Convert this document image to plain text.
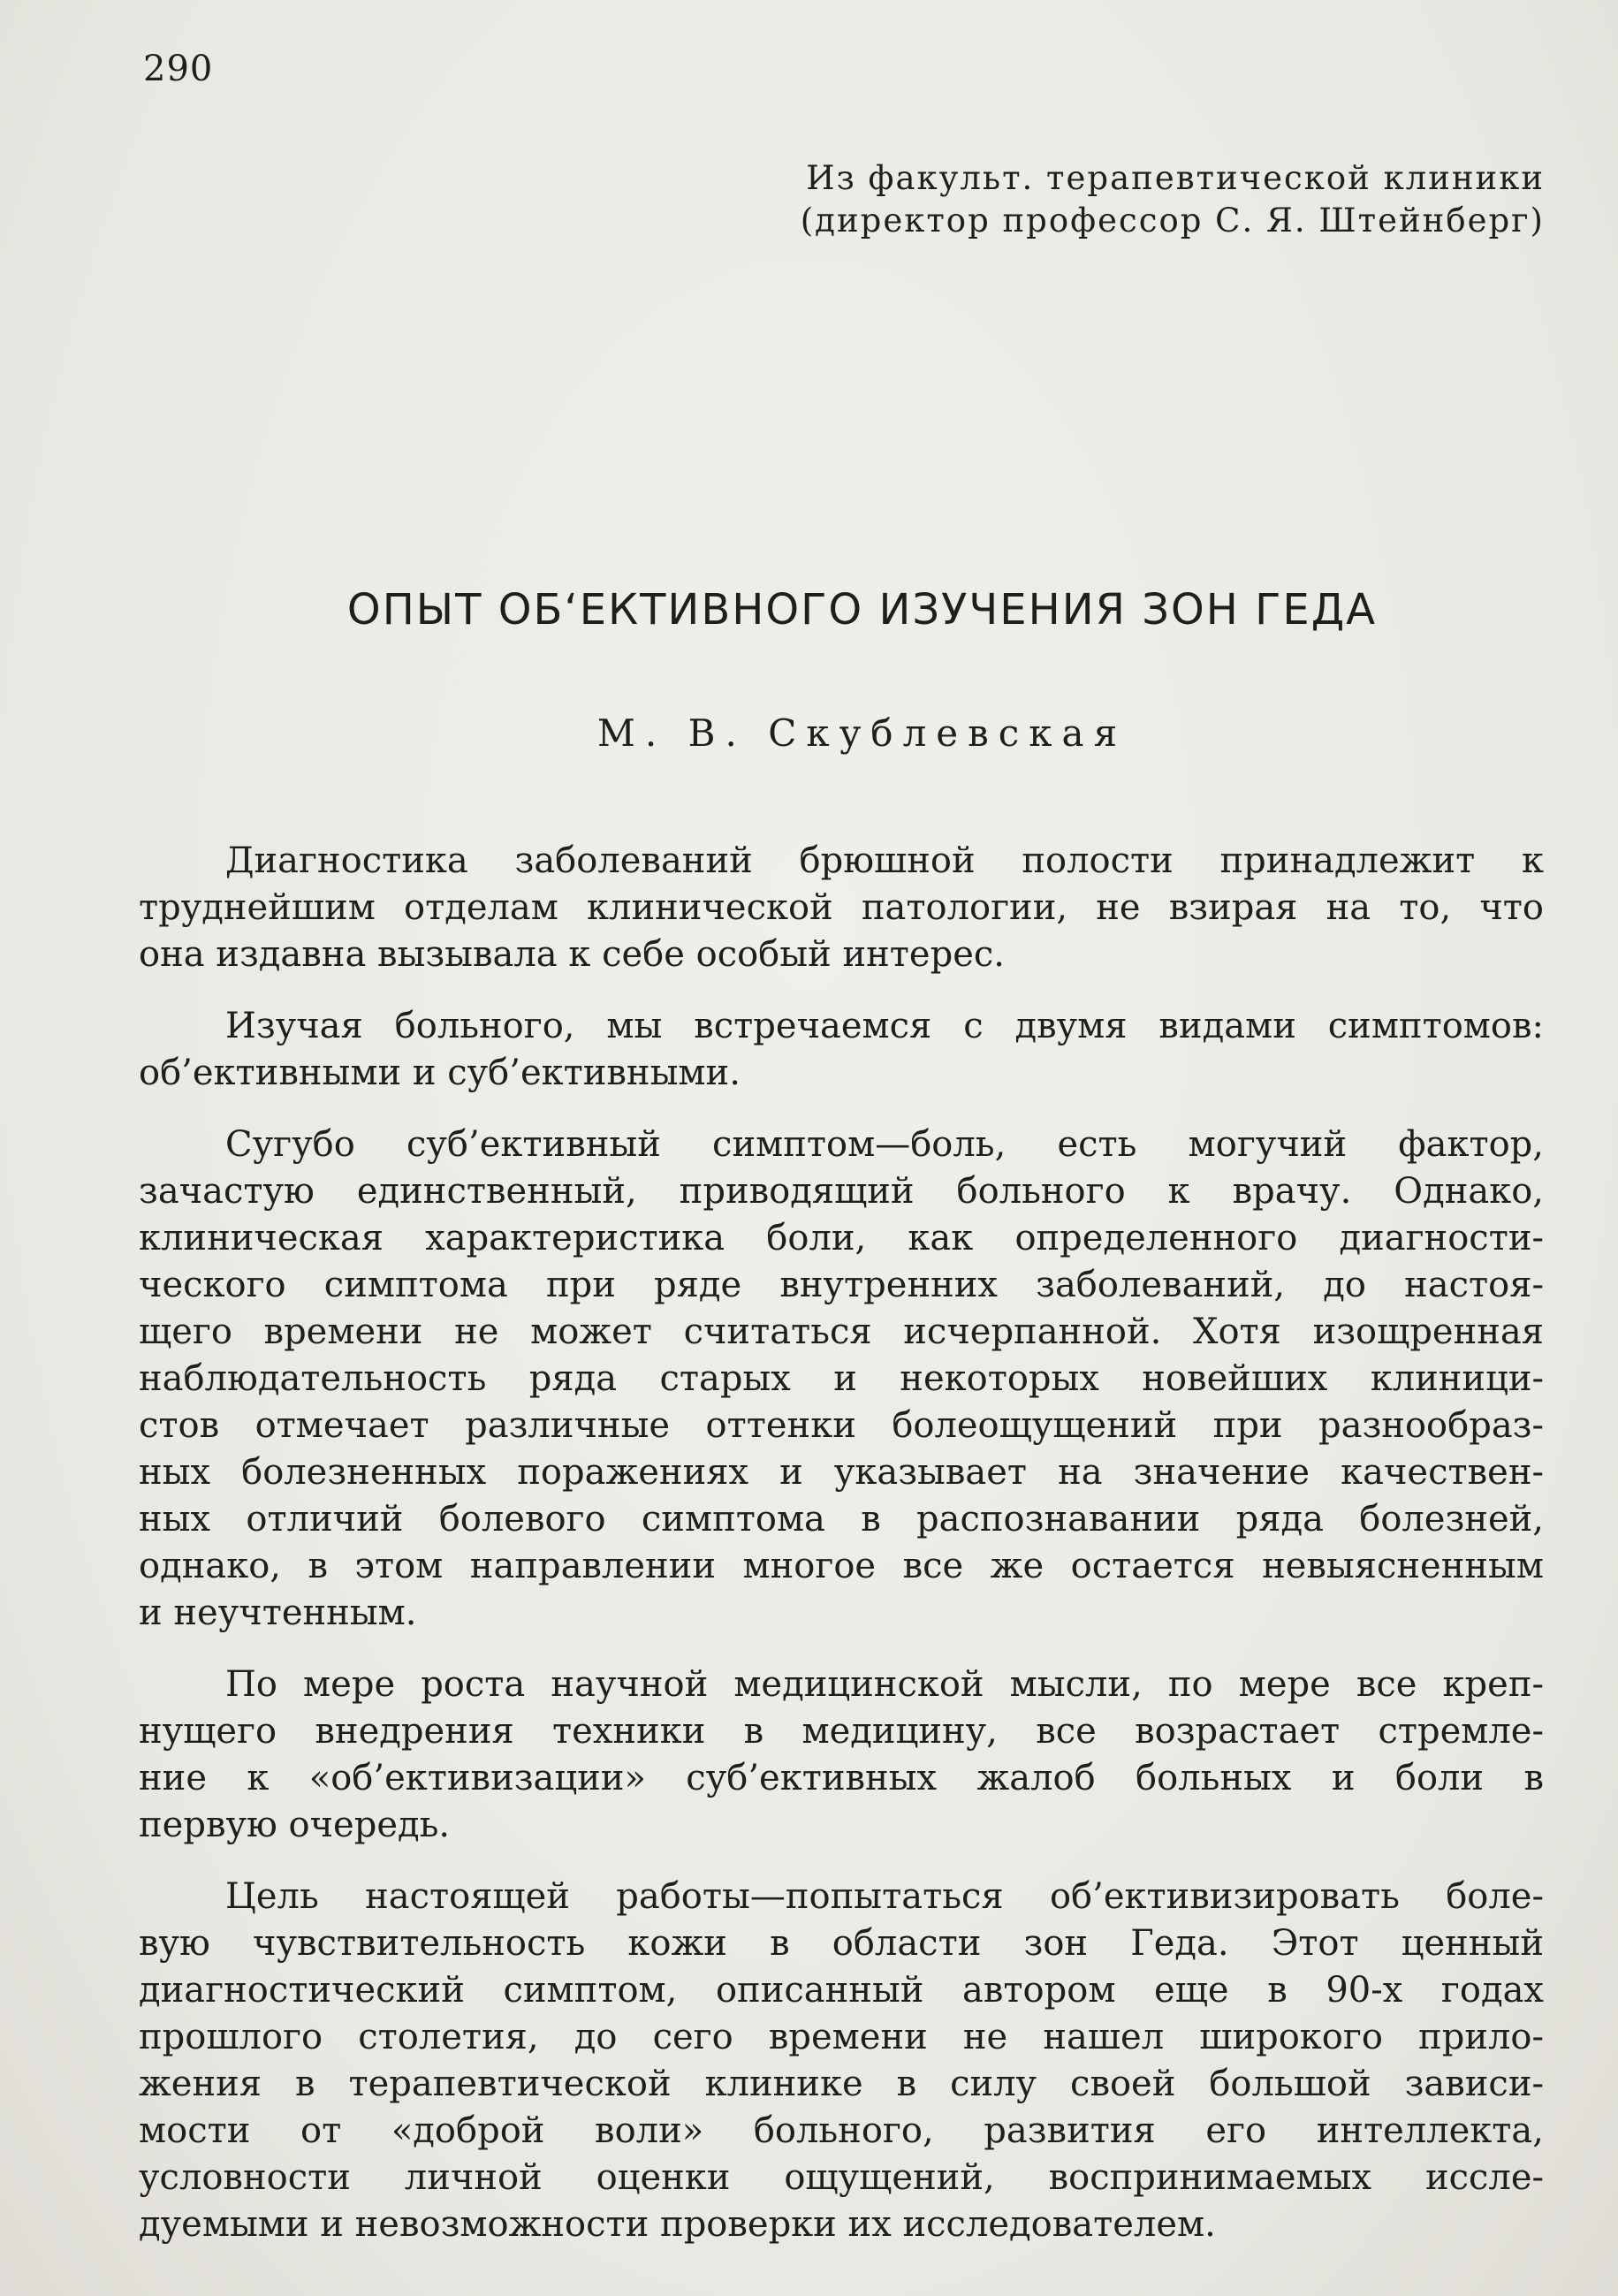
290
Из факульт. терапевтической клиники
(директор профессор С. Я. Штейнберг)
ОПЫТ ОБ‘ЕКТИВНОГО ИЗУЧЕНИЯ ЗОН ГЕДА
М. В. Скублевская
Диагностика заболеваний брюшной полости принадлежит к
труднейшим отделам клинической патологии, не взирая на то, что
она издавна вызывала к себе особый интерес.
Изучая больного, мы встречаемся с двумя видами симптомов:
об’ективными и суб’ективными.
Сугубо суб’ективный симптом—боль, есть могучий фактор,
зачастую единственный, приводящий больного к врачу. Однако,
клиническая характеристика боли, как определенного диагности-
ческого симптома при ряде внутренних заболеваний, до настоя-
щего времени не может считаться исчерпанной. Хотя изощренная
наблюдательность ряда старых и некоторых новейших клиници-
стов отмечает различные оттенки болеощущений при разнообраз-
ных болезненных поражениях и указывает на значение качествен-
ных отличий болевого симптома в распознавании ряда болезней,
однако, в этом направлении многое все же остается невыясненным
и неучтенным.
По мере роста научной медицинской мысли, по мере все креп-
нущего внедрения техники в медицину, все возрастает стремле-
ние к «об’ективизации» суб’ективных жалоб больных и боли в
первую очередь.
Цель настоящей работы—попытаться об’ективизировать боле-
вую чувствительность кожи в области зон Геда. Этот ценный
диагностический симптом, описанный автором еще в 90-х годах
прошлого столетия, до сего времени не нашел широкого прило-
жения в терапевтической клинике в силу своей большой зависи-
мости от «доброй воли» больного, развития его интеллекта,
условности личной оценки ощущений, воспринимаемых иссле-
дуемыми и невозможности проверки их исследователем.
